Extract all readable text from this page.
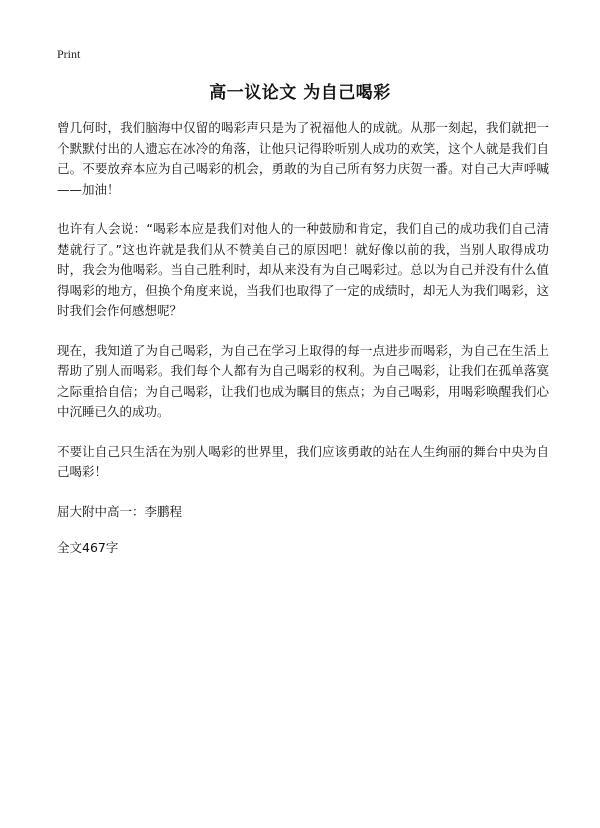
Print
高一议论文 为自己喝彩

曾几何时，我们脑海中仅留的喝彩声只是为了祝福他人的成就。从那一刻起，我们就把一个默默付出的人遗忘在冰冷的角落，让他只记得聆听别人成功的欢笑，这个人就是我们自己。不要放弃本应为自己喝彩的机会，勇敢的为自己所有努力庆贺一番。对自己大声呼喊——加油！

也许有人会说：“喝彩本应是我们对他人的一种鼓励和肯定，我们自己的成功我们自己清楚就行了。”这也许就是我们从不赞美自己的原因吧！就好像以前的我，当别人取得成功时，我会为他喝彩。当自己胜利时，却从来没有为自己喝彩过。总以为自己并没有什么值得喝彩的地方，但换个角度来说，当我们也取得了一定的成绩时，却无人为我们喝彩，这时我们会作何感想呢？

现在，我知道了为自己喝彩，为自己在学习上取得的每一点进步而喝彩，为自己在生活上帮助了别人而喝彩。我们每个人都有为自己喝彩的权利。为自己喝彩，让我们在孤单落寞之际重拾自信；为自己喝彩，让我们也成为瞩目的焦点；为自己喝彩，用喝彩唤醒我们心中沉睡已久的成功。

不要让自己只生活在为别人喝彩的世界里，我们应该勇敢的站在人生绚丽的舞台中央为自己喝彩！

屈大附中高一：李鹏程

全文467字
